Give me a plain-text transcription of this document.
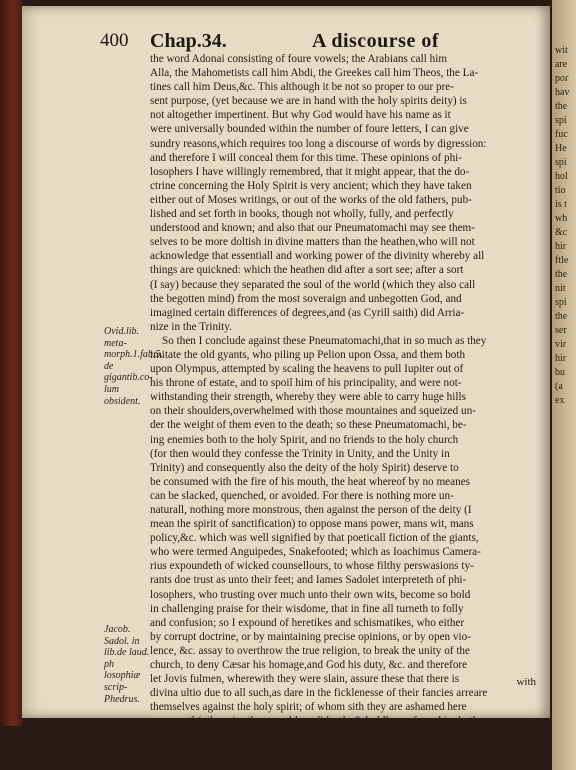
wit
are
por
hav
the
spi
fuc
He
spi
hol
tio
is t
wh
&c
hir
ftle
the
nit
spi
the
ser
vir
hir
bu
(a
ex
400 Chap.34.	A discourse of
the word Adonai consisting of foure vowels; the Arabians call him
Alla, the Mahometists call him Abdi, the Greekes call him Theos, the La-
tines call him Deus,&c. This although it be not so proper to our pre-
sent purpose, (yet because we are in hand with the holy spirits deity) is
not altogether impertinent. But why God would have his name as it
were universally bounded within the number of foure letters, I can give
sundry reasons,which requires too long a discourse of words by digression:
and therefore I will conceal them for this time. These opinions of phi-
losophers I have willingly remembred, that it might appear, that the do-
ctrine concerning the Holy Spirit is very ancient; which they have taken
either out of Moses writings, or out of the works of the old fathers, pub-
lished and set forth in books, though not wholly, fully, and perfectly
understood and known; and also that our Pneumatomachi may see them-
selves to be more doltish in divine matters than the heathen,who will not
acknowledge that essentiall and working power of the divinity whereby all
things are quickned: which the heathen did after a sort see; after a sort
(I say) because they separated the soul of the world (which they also call
the begotten mind) from the most soveraign and unbegotten God, and
imagined certain differences of degrees,and (as Cyrill saith) did Arria-
nize in the Trinity.
So then I conclude against these Pneumatomachi,that in so much as they
imitate the old gyants, who piling up Pelion upon Ossa, and them both
upon Olympus, attempted by scaling the heavens to pull Iupiter out of
his throne of estate, and to spoil him of his principality, and were not-
withstanding their strength, whereby they were able to carry huge hills
on their shoulders,overwhelmed with those mountaines and squeized un-
der the weight of them even to the death; so these Pneumatomachi, be-
ing enemies both to the holy Spirit, and no friends to the holy church
(for then would they confesse the Trinity in Unity, and the Unity in
Trinity) and consequently also the deity of the holy Spirit) deserve to
be consumed with the fire of his mouth, the heat whereof by no meanes
can be slacked, quenched, or avoided. For there is nothing more un-
naturall, nothing more monstrous, then against the person of the deity (I
mean the spirit of sanctification) to oppose mans power, mans wit, mans
policy,&c. which was well signified by that poeticall fiction of the giants,
who were termed Anguipedes, Snakefooted; which as Ioachimus Camera-
rius expoundeth of wicked counsellours, to whose filthy perswasions ty-
rants doe trust as unto their feet; and Iames Sadolet interpreteth of phi-
losophers, who trusting over much unto their own wits, become so bold
in challenging praise for their wisdome, that in fine all turneth to folly
and confusion; so I expound of heretikes and schismatikes, who either
by corrupt doctrine, or by maintaining precise opinions, or by open vio-
lence, &c. assay to overthrow the true religion, to break the unity of the
church, to deny Cæsar his homage,and God his duty, &c. and therefore
let Jovis fulmen, wherewith they were slain, assure these that there is
divina ultio due to all such,as dare in the ficklenesse of their fancies arreare
themselves against the holy spirit; of whom sith they are ashamed here
upon earth(otherwise they would confidently & boldly confesse him both
Ovid.lib. meta- morph.1.fab.5. de gigantib.co- lum obsident.
Jacob. Sadol. in lib.de laud. ph losophiæ scrip- Phedrus.
with
